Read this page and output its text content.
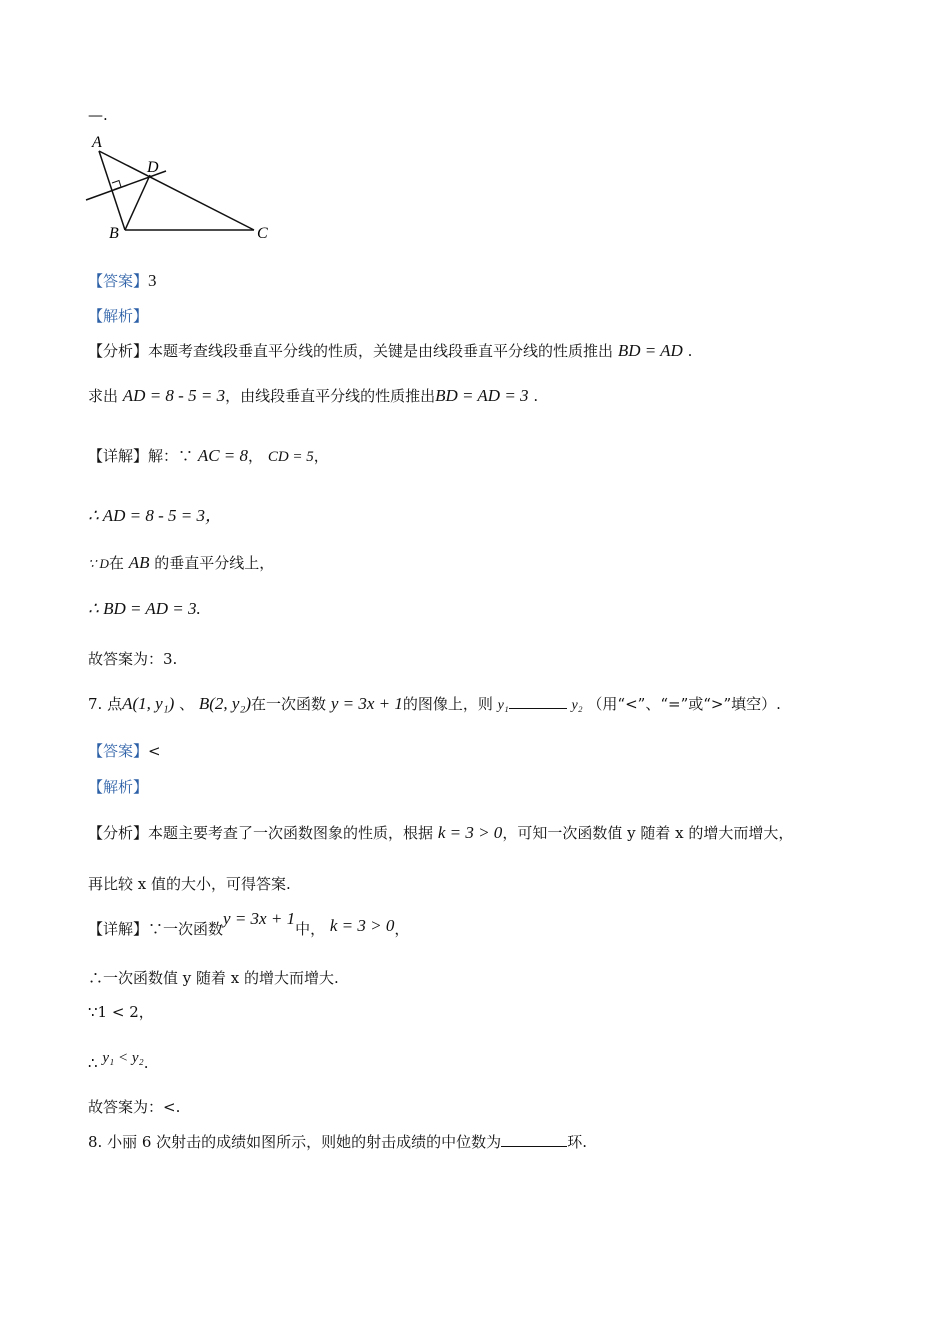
—.
A
D
B	C
【答案】3
【解析】
【分析】本题考查线段垂直平分线的性质，关键是由线段垂直平分线的性质推出 BD = AD .
求出 AD = 8 - 5 = 3，由线段垂直平分线的性质推出BD = AD = 3 .
【详解】解：∵ AC = 8， CD = 5，
∴ AD = 8 - 5 = 3，
∵ D在 AB 的垂直平分线上，
∴ BD = AD = 3.
故答案为：3.
7. 点A(1, y₁) 、 B(2, y₂)在一次函数 y = 3x + 1的图像上，则 y₁	y₂ （用“<”、“=”或“>”填空）.
【答案】<
【解析】
【分析】本题主要考查了一次函数图象的性质，根据 k = 3 > 0，可知一次函数值 y 随着 x 的增大而增大，
再比较 x 值的大小，可得答案.
【详解】∵一次函数y = 3x + 1中， k = 3 > 0，
∴一次函数值 y 随着 x 的增大而增大.
∵1 < 2，
∴ y₁ < y₂.
故答案为：<.
8. 小丽 6 次射击的成绩如图所示，则她的射击成绩的中位数为	环.
